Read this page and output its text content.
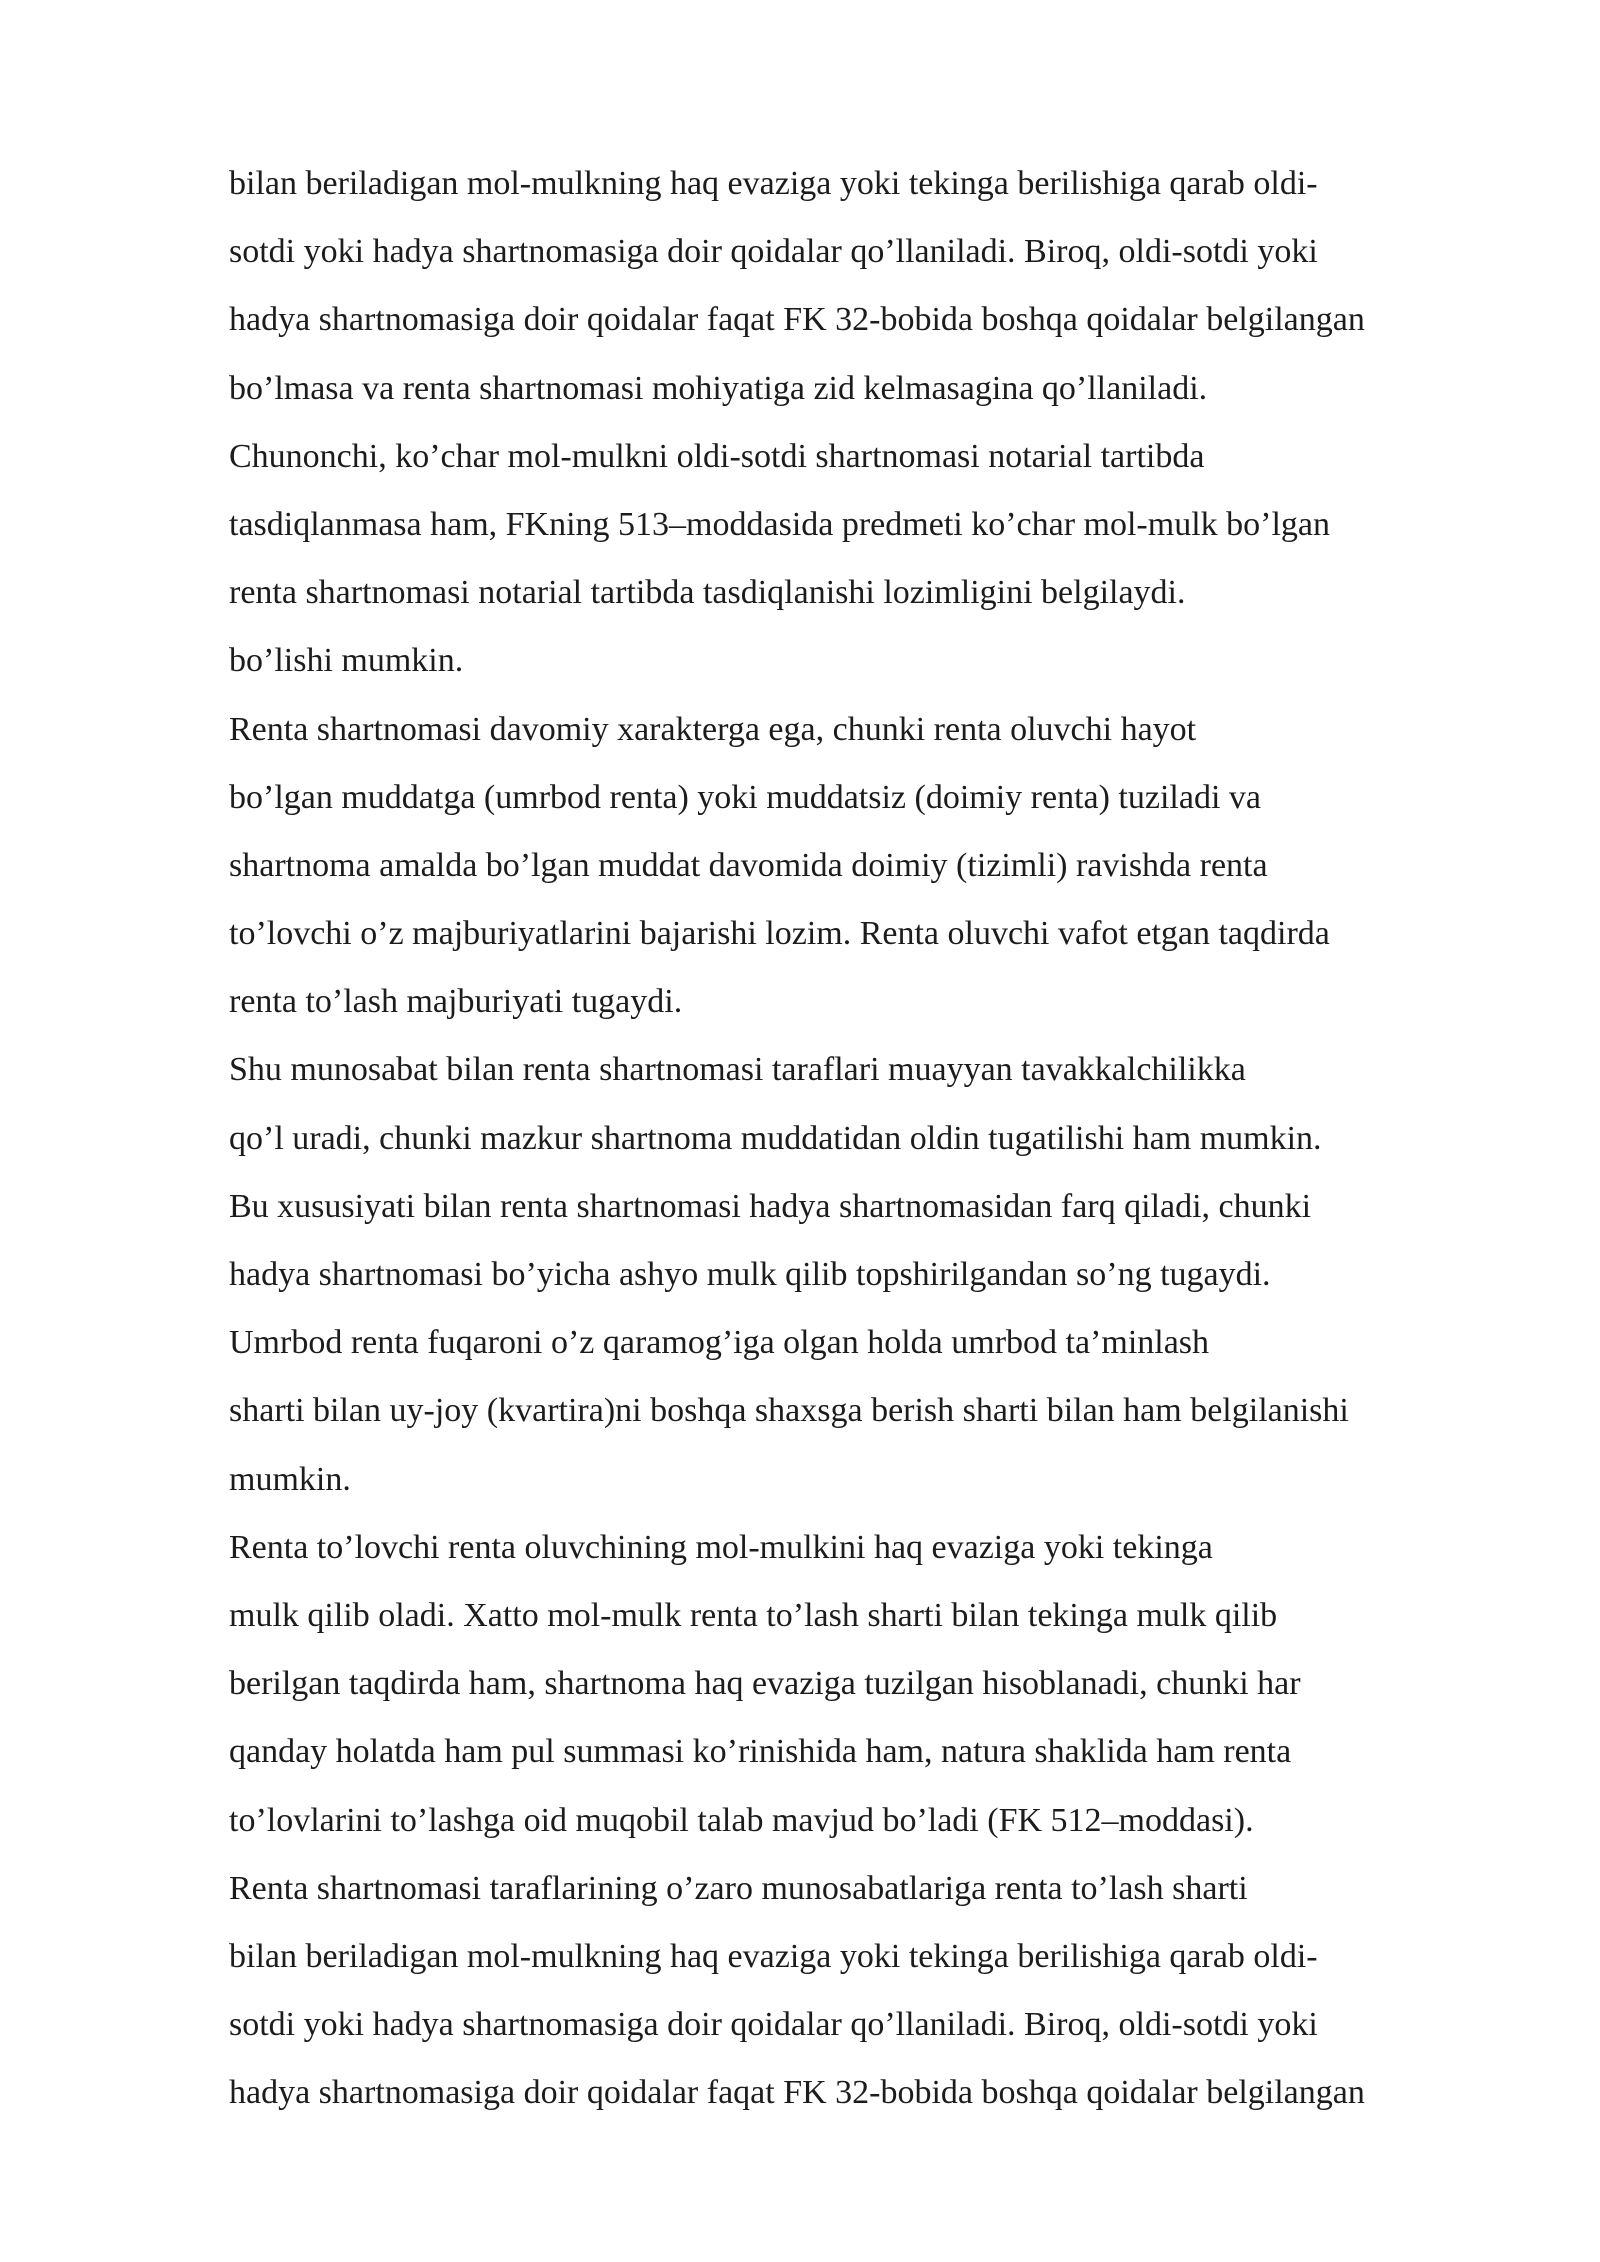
bilan beriladigan mol-mulkning haq evaziga yoki tekinga berilishiga qarab oldi-
sotdi yoki hadya shartnomasiga doir qoidalar qo’llaniladi. Biroq, oldi-sotdi yoki
hadya shartnomasiga doir qoidalar faqat FK 32-bobida boshqa qoidalar belgilangan
bo’lmasa va renta shartnomasi mohiyatiga zid kelmasagina qo’llaniladi.
Chunonchi, ko’char mol-mulkni oldi-sotdi shartnomasi notarial tartibda
tasdiqlanmasa ham, FKning 513–moddasida predmeti ko’char mol-mulk bo’lgan
renta shartnomasi notarial tartibda tasdiqlanishi lozimligini belgilaydi.
bo’lishi mumkin.
Renta shartnomasi davomiy xarakterga ega, chunki renta oluvchi hayot
bo’lgan muddatga (umrbod renta) yoki muddatsiz (doimiy renta) tuziladi va
shartnoma amalda bo’lgan muddat davomida doimiy (tizimli) ravishda renta
to’lovchi o’z majburiyatlarini bajarishi lozim. Renta oluvchi vafot etgan taqdirda
renta to’lash majburiyati tugaydi.
Shu munosabat bilan renta shartnomasi taraflari muayyan tavakkalchilikka
qo’l uradi, chunki mazkur shartnoma muddatidan oldin tugatilishi ham mumkin.
Bu xususiyati bilan renta shartnomasi hadya shartnomasidan farq qiladi, chunki
hadya shartnomasi bo’yicha ashyo mulk qilib topshirilgandan so’ng tugaydi.
Umrbod renta fuqaroni o’z qaramog’iga olgan holda umrbod ta’minlash
sharti bilan uy-joy (kvartira)ni boshqa shaxsga berish sharti bilan ham belgilanishi
mumkin.
Renta to’lovchi renta oluvchining mol-mulkini haq evaziga yoki tekinga
mulk qilib oladi. Xatto mol-mulk renta to’lash sharti bilan tekinga mulk qilib
berilgan taqdirda ham, shartnoma haq evaziga tuzilgan hisoblanadi, chunki har
qanday holatda ham pul summasi ko’rinishida ham, natura shaklida ham renta
to’lovlarini to’lashga oid muqobil talab mavjud bo’ladi (FK 512–moddasi).
Renta shartnomasi taraflarining o’zaro munosabatlariga renta to’lash sharti
bilan beriladigan mol-mulkning haq evaziga yoki tekinga berilishiga qarab oldi-
sotdi yoki hadya shartnomasiga doir qoidalar qo’llaniladi. Biroq, oldi-sotdi yoki
hadya shartnomasiga doir qoidalar faqat FK 32-bobida boshqa qoidalar belgilangan
